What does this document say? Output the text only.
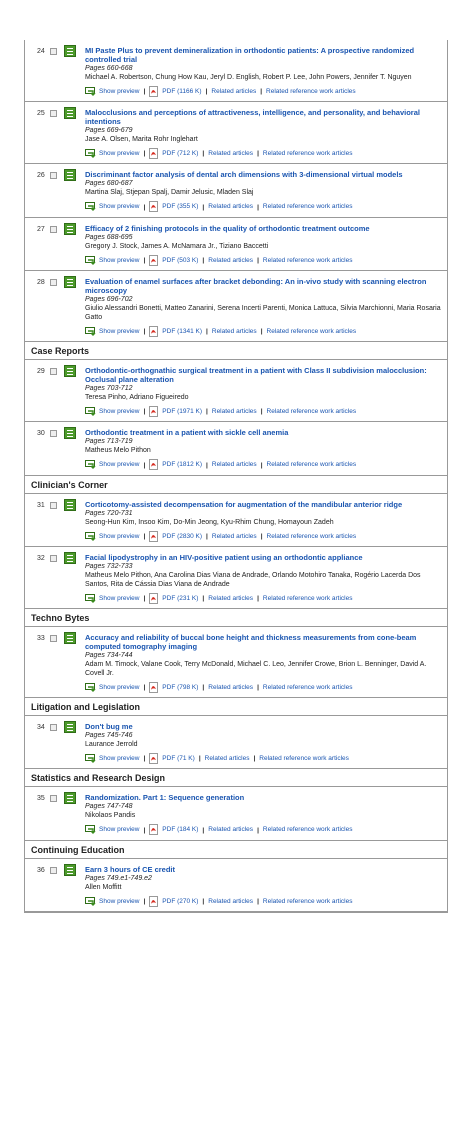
24	MI Paste Plus to prevent demineralization in orthodontic patients: A prospective randomized controlled trial
Pages 660-668
Michael A. Robertson, Chung How Kau, Jeryl D. English, Robert P. Lee, John Powers, Jennifer T. Nguyen
Show preview |	PDF (1166 K) | Related articles | Related reference work articles
25	Malocclusions and perceptions of attractiveness, intelligence, and personality, and behavioral intentions
Pages 669-679
Jase A. Olsen, Marita Rohr Inglehart
Show preview |	PDF (712 K) | Related articles | Related reference work articles
26	Discriminant factor analysis of dental arch dimensions with 3-dimensional virtual models
Pages 680-687
Martina Slaj, Stjepan Spalj, Damir Jelusic, Mladen Slaj
Show preview |	PDF (355 K) | Related articles | Related reference work articles
27	Efficacy of 2 finishing protocols in the quality of orthodontic treatment outcome
Pages 688-695
Gregory J. Stock, James A. McNamara Jr., Tiziano Baccetti
Show preview |	PDF (503 K) | Related articles | Related reference work articles
28	Evaluation of enamel surfaces after bracket debonding: An in-vivo study with scanning electron microscopy
Pages 696-702
Giulio Alessandri Bonetti, Matteo Zanarini, Serena Incerti Parenti, Monica Lattuca, Silvia Marchionni, Maria Rosaria Gatto
Show preview |	PDF (1341 K) | Related articles | Related reference work articles
Case Reports
29	Orthodontic-orthognathic surgical treatment in a patient with Class II subdivision malocclusion: Occlusal plane alteration
Pages 703-712
Teresa Pinho, Adriano Figueiredo
Show preview |	PDF (1971 K) | Related articles | Related reference work articles
30	Orthodontic treatment in a patient with sickle cell anemia
Pages 713-719
Matheus Melo Pithon
Show preview |	PDF (1812 K) | Related articles | Related reference work articles
Clinician's Corner
31	Corticotomy-assisted decompensation for augmentation of the mandibular anterior ridge
Pages 720-731
Seong-Hun Kim, Insoo Kim, Do-Min Jeong, Kyu-Rhim Chung, Homayoun Zadeh
Show preview |	PDF (2830 K) | Related articles | Related reference work articles
32	Facial lipodystrophy in an HIV-positive patient using an orthodontic appliance
Pages 732-733
Matheus Melo Pithon, Ana Carolina Dias Viana de Andrade, Orlando Motohiro Tanaka, Rogério Lacerda Dos Santos, Rita de Cássia Dias Viana de Andrade
Show preview |	PDF (231 K) | Related articles | Related reference work articles
Techno Bytes
33	Accuracy and reliability of buccal bone height and thickness measurements from cone-beam computed tomography imaging
Pages 734-744
Adam M. Timock, Valane Cook, Terry McDonald, Michael C. Leo, Jennifer Crowe, Brion L. Benninger, David A. Covell Jr.
Show preview |	PDF (798 K) | Related articles | Related reference work articles
Litigation and Legislation
34	Don't bug me
Pages 745-746
Laurance Jerrold
Show preview |	PDF (71 K) | Related articles | Related reference work articles
Statistics and Research Design
35	Randomization. Part 1: Sequence generation
Pages 747-748
Nikolaos Pandis
Show preview |	PDF (184 K) | Related articles | Related reference work articles
Continuing Education
36	Earn 3 hours of CE credit
Pages 749.e1-749.e2
Allen Moffitt
Show preview |	PDF (270 K) | Related articles | Related reference work articles
